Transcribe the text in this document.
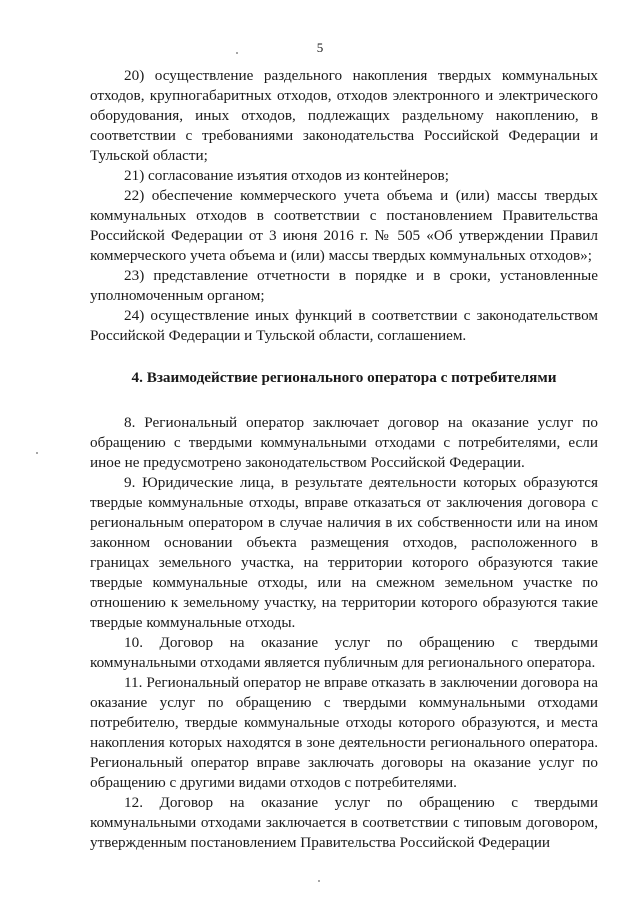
5

20) осуществление раздельного накопления твердых коммунальных отходов, крупногабаритных отходов, отходов электронного и электрического оборудования, иных отходов, подлежащих раздельному накоплению, в соответствии с требованиями законодательства Российской Федерации и Тульской области;

21) согласование изъятия отходов из контейнеров;

22) обеспечение коммерческого учета объема и (или) массы твердых коммунальных отходов в соответствии с постановлением Правительства Российской Федерации от 3 июня 2016 г. № 505 «Об утверждении Правил коммерческого учета объема и (или) массы твердых коммунальных отходов»;

23) представление отчетности в порядке и в сроки, установленные уполномоченным органом;

24) осуществление иных функций в соответствии с законодательством Российской Федерации и Тульской области, соглашением.

4. Взаимодействие регионального оператора с потребителями

8. Региональный оператор заключает договор на оказание услуг по обращению с твердыми коммунальными отходами с потребителями, если иное не предусмотрено законодательством Российской Федерации.

9. Юридические лица, в результате деятельности которых образуются твердые коммунальные отходы, вправе отказаться от заключения договора с региональным оператором в случае наличия в их собственности или на ином законном основании объекта размещения отходов, расположенного в границах земельного участка, на территории которого образуются такие твердые коммунальные отходы, или на смежном земельном участке по отношению к земельному участку, на территории которого образуются такие твердые коммунальные отходы.

10. Договор на оказание услуг по обращению с твердыми коммунальными отходами является публичным для регионального оператора.

11. Региональный оператор не вправе отказать в заключении договора на оказание услуг по обращению с твердыми коммунальными отходами потребителю, твердые коммунальные отходы которого образуются, и места накопления которых находятся в зоне деятельности регионального оператора. Региональный оператор вправе заключать договоры на оказание услуг по обращению с другими видами отходов с потребителями.

12. Договор на оказание услуг по обращению с твердыми коммунальными отходами заключается в соответствии с типовым договором, утвержденным постановлением Правительства Российской Федерации
